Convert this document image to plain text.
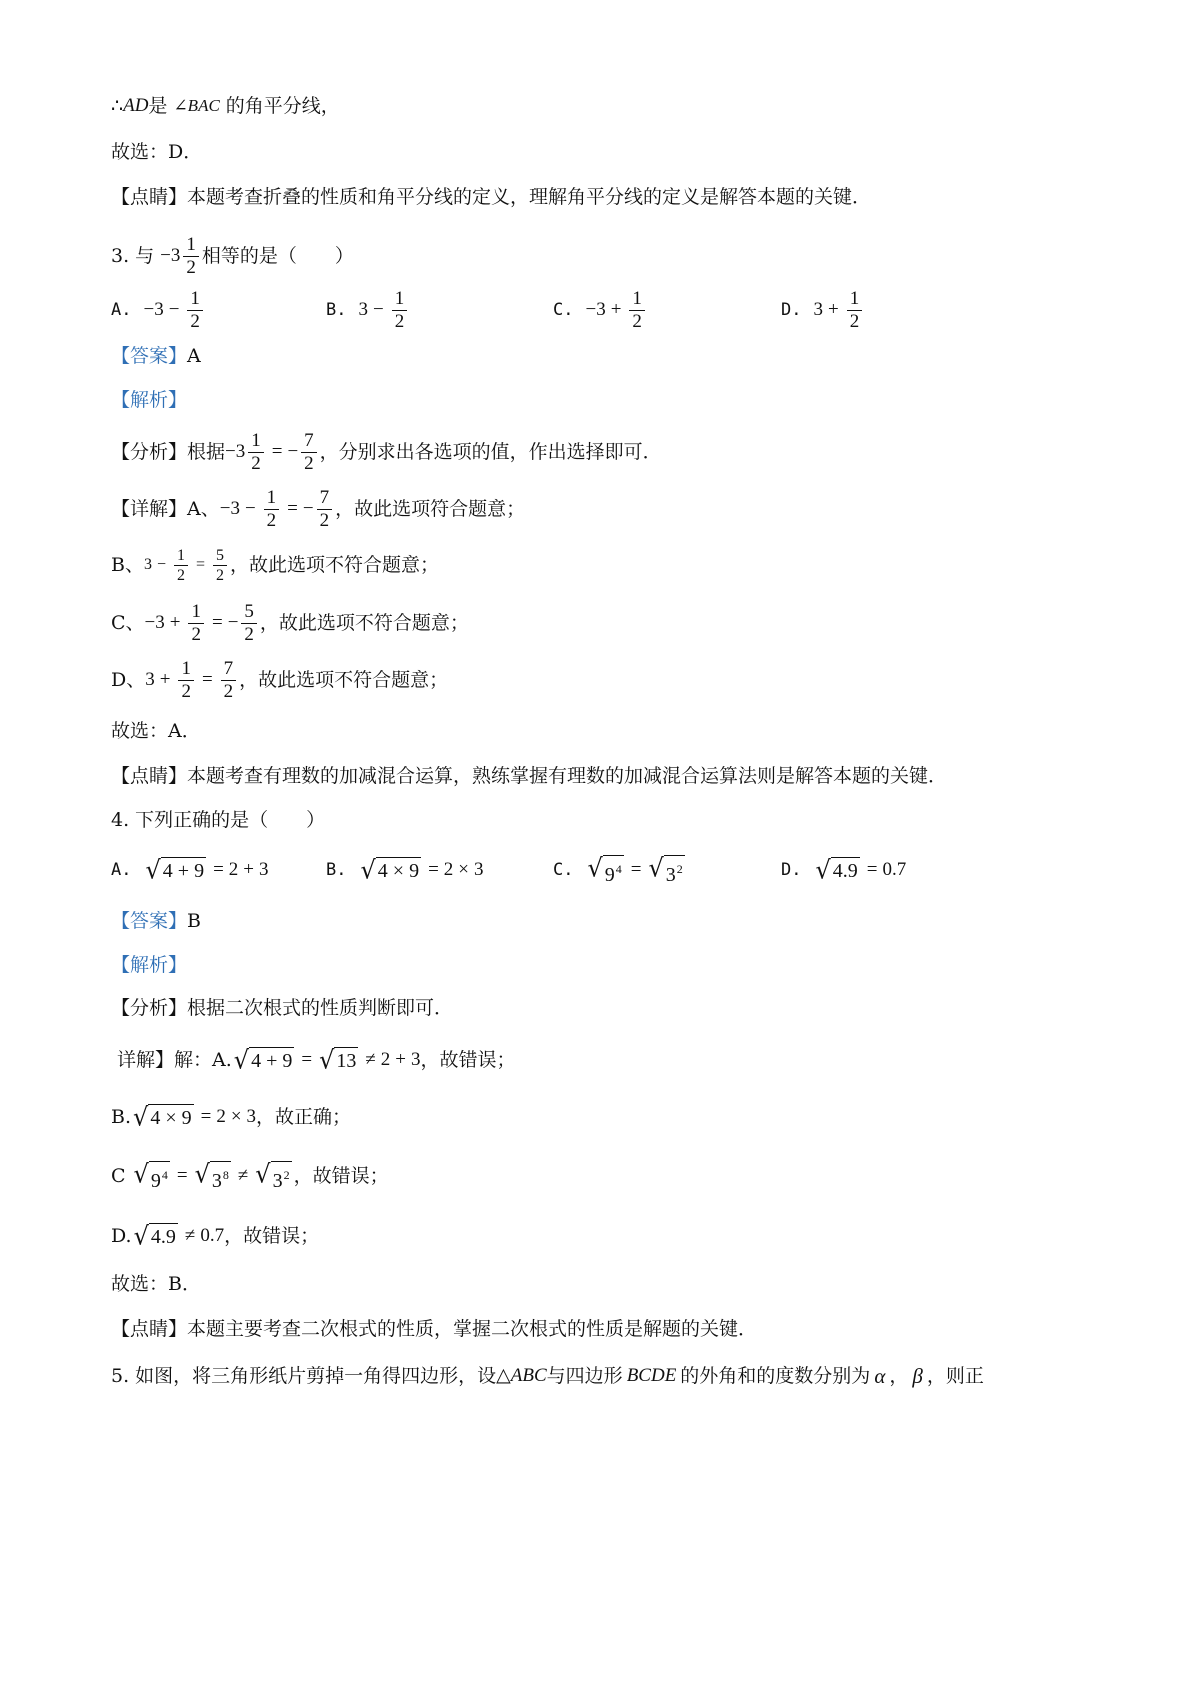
∴ AD 是 ∠BAC 的角平分线，
故选：D．
【点睛】本题考查折叠的性质和角平分线的定义，理解角平分线的定义是解答本题的关键．
3. 与 $-3 \frac{1}{2}$ 相等的是（　　）
A. $-3 - \frac{1}{2}$	B. $3 - \frac{1}{2}$	C. $-3 + \frac{1}{2}$	D. $3 + \frac{1}{2}$
【答案】 A
【解析】
【分析】根据 $-3 \frac{1}{2}$ = − $\frac{7}{2}$ ，分别求出各选项的值，作出选择即可．
【详解】A、 $-3 - \frac{1}{2}$ = − $\frac{7}{2}$ ，故此选项符合题意；
B、 $3 - \frac{1}{2} = \frac{5}{2}$ ，故此选项不符合题意；
C、 $-3 + \frac{1}{2}$ = − $\frac{5}{2}$ ，故此选项不符合题意；
D、 $3 + \frac{1}{2} = \frac{7}{2}$ ，故此选项不符合题意；
故选：A．
【点睛】本题考查有理数的加减混合运算，熟练掌握有理数的加减混合运算法则是解答本题的关键．
4. 下列正确的是（　　）
A. √ 4 + 9 = 2 + 3	B. √ 4 × 9 = 2 × 3	C. √ $9^4$ = √ $3^2$	D. √ 4.9 = 0.7
【答案】 B
【解析】
【分析】根据二次根式的性质判断即可．
详解】解：A. √ 4 + 9 = √ 13 ≠ 2 + 3 ，故错误；
B. √ 4 × 9 = 2 × 3 ，故正确；
C √ $9^4$ = √ $3^8$ ≠ √ $3^2$ ，故错误；
D. √ 4.9 ≠ 0.7 ，故错误；
故选：B．
【点睛】本题主要考查二次根式的性质，掌握二次根式的性质是解题的关键．
5. 如图，将三角形纸片剪掉一角得四边形，设 △ABC 与四边形 BCDE 的外角和的度数分别为 α ， β ，则正
